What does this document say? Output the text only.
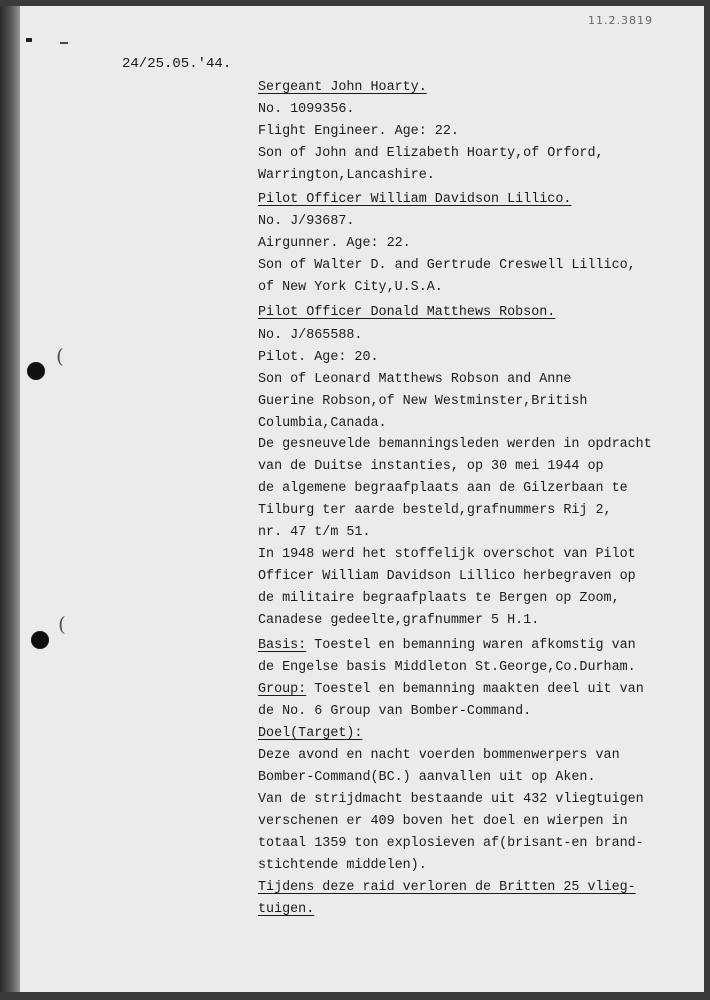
(
(
11.2.3819
24/25.05.'44.
Sergeant John Hoarty.
No. 1099356.
Flight Engineer. Age: 22.
Son of John and Elizabeth Hoarty,of Orford,
Warrington,Lancashire.
Pilot Officer William Davidson Lillico.
No. J/93687.
Airgunner. Age: 22.
Son of Walter D. and Gertrude Creswell Lillico,
of New York City,U.S.A.
Pilot Officer Donald Matthews Robson.
No. J/865588.
Pilot. Age: 20.
Son of Leonard Matthews Robson and Anne
Guerine Robson,of New Westminster,British
Columbia,Canada.
De gesneuvelde bemanningsleden werden in opdracht
van de Duitse instanties, op 30 mei 1944 op
de algemene begraafplaats aan de Gilzerbaan te
Tilburg ter aarde besteld,grafnummers Rij 2,
nr. 47 t/m 51.
In 1948 werd het stoffelijk overschot van Pilot
Officer William Davidson Lillico herbegraven op
de militaire begraafplaats te Bergen op Zoom,
Canadese gedeelte,grafnummer 5 H.1.
Basis: Toestel en bemanning waren afkomstig van
de Engelse basis Middleton St.George,Co.Durham.
Group: Toestel en bemanning maakten deel uit van
de No. 6 Group van Bomber-Command.
Doel(Target):
Deze avond en nacht voerden bommenwerpers van
Bomber-Command(BC.) aanvallen uit op Aken.
Van de strijdmacht bestaande uit 432 vliegtuigen
verschenen er 409 boven het doel en wierpen in
totaal 1359 ton explosieven af(brisant-en brand-
stichtende middelen).
Tijdens deze raid verloren de Britten 25 vlieg-
tuigen.
